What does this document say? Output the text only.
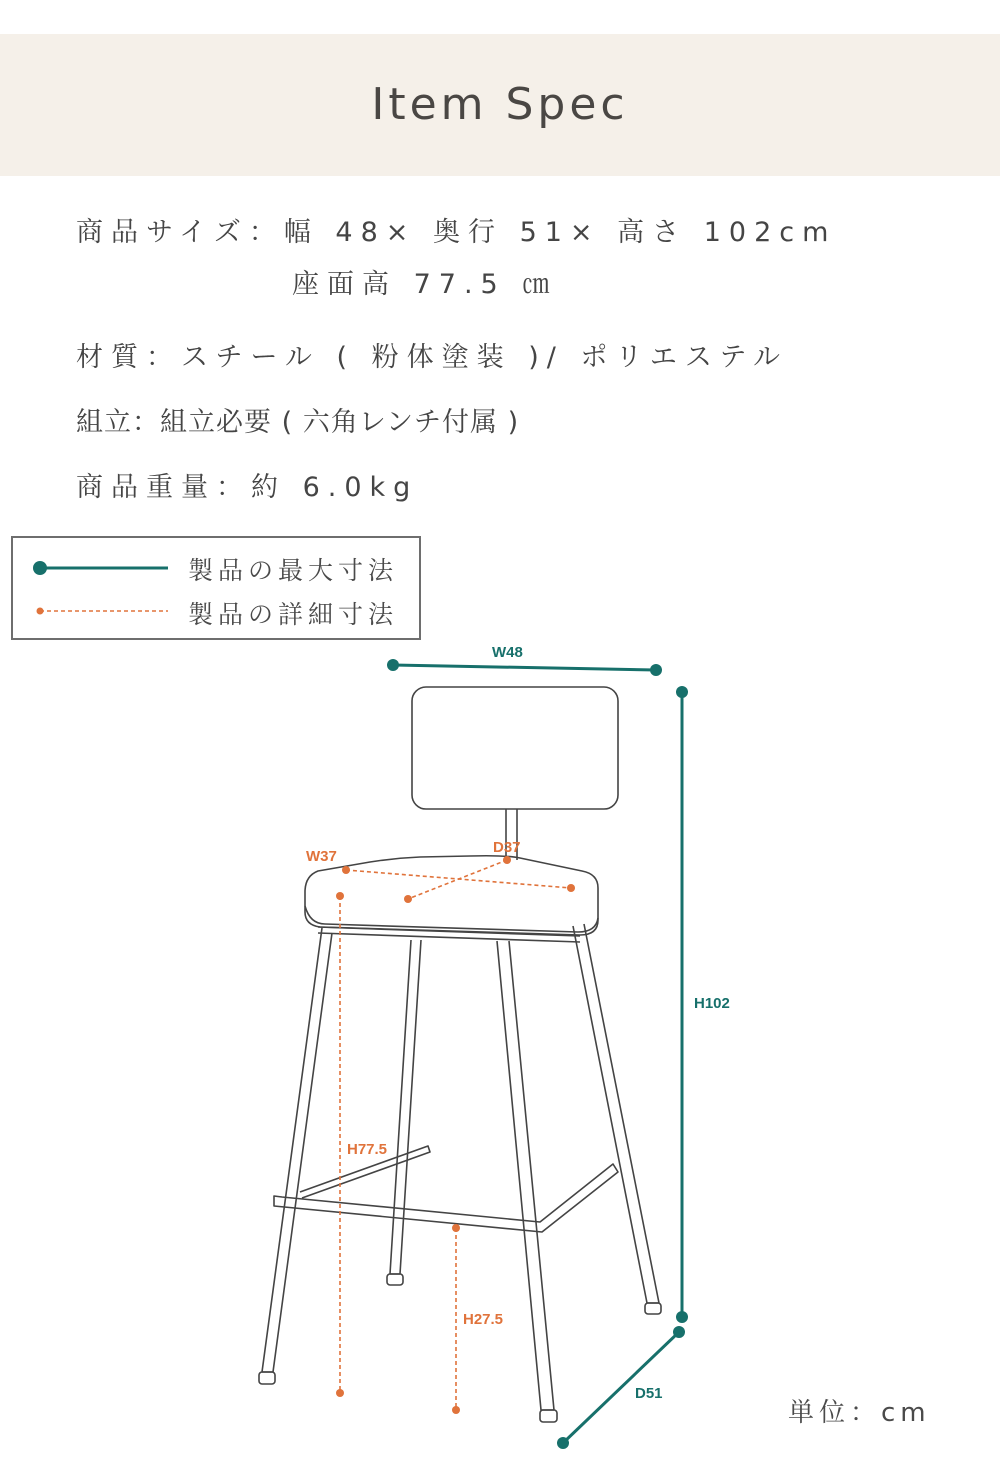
Item Spec
商品サイズ：幅 48× 奥行 51× 高さ 102cm
座面高 77.5 ㎝
材質：スチール ( 粉体塗装 )/ ポリエステル
組立：組立必要 ( 六角レンチ付属 )
商品重量：約 6.0kg
W48
H102
D51
W37
D37
H77.5
H27.5
製品の最大寸法
製品の詳細寸法
単位：cm
